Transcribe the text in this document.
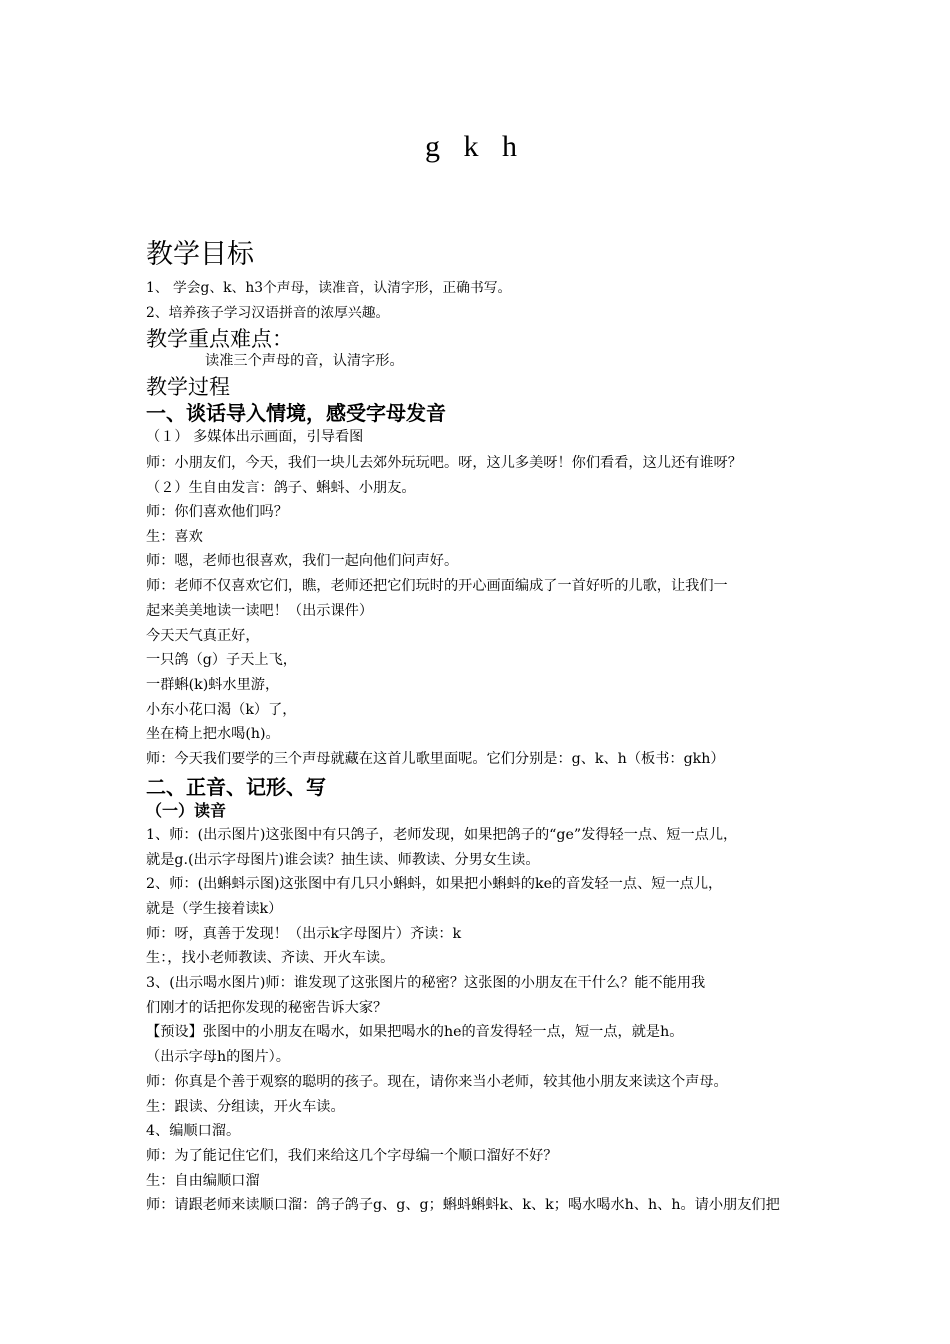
g k h
教学目标
1、 学会g、k、h3个声母，读准音，认清字形，正确书写。
2、培养孩子学习汉语拼音的浓厚兴趣。
教学重点难点：
读准三个声母的音，认清字形。
教学过程
一、谈话导入情境，感受字母发音
（１） 多媒体出示画面，引导看图
师：小朋友们，今天，我们一块儿去郊外玩玩吧。呀，这儿多美呀！你们看看，这儿还有谁呀？
（２）生自由发言：鸽子、蝌蚪、小朋友。
师：你们喜欢他们吗？
生：喜欢
师：嗯，老师也很喜欢，我们一起向他们问声好。
师：老师不仅喜欢它们，瞧，老师还把它们玩时的开心画面编成了一首好听的儿歌，让我们一
起来美美地读一读吧！（出示课件）
今天天气真正好，
一只鸽（g）子天上飞，
一群蝌(k)蚪水里游，
小东小花口渴（k）了，
坐在椅上把水喝(h)。
师：今天我们要学的三个声母就藏在这首儿歌里面呢。它们分别是：g、k、h（板书：gkh）
二、正音、记形、写
（一）读音
1、师：(出示图片)这张图中有只鸽子，老师发现，如果把鸽子的“ge”发得轻一点、短一点儿，
就是g.(出示字母图片)谁会读？抽生读、师教读、分男女生读。
2、师：(出蝌蚪示图)这张图中有几只小蝌蚪，如果把小蝌蚪的ke的音发轻一点、短一点儿，
就是（学生接着读k）
师：呀，真善于发现！（出示k字母图片）齐读：k
生：，找小老师教读、齐读、开火车读。
3、(出示喝水图片)师：谁发现了这张图片的秘密？这张图的小朋友在干什么？能不能用我
们刚才的话把你发现的秘密告诉大家？
【预设】张图中的小朋友在喝水，如果把喝水的he的音发得轻一点，短一点，就是h。
（出示字母h的图片）。
师：你真是个善于观察的聪明的孩子。现在，请你来当小老师，较其他小朋友来读这个声母。
生：跟读、分组读，开火车读。
4、编顺口溜。
师：为了能记住它们，我们来给这几个字母编一个顺口溜好不好？
生：自由编顺口溜
师：请跟老师来读顺口溜：鸽子鸽子g、g、g；蝌蚪蝌蚪k、k、k；喝水喝水h、h、h。请小朋友们把
